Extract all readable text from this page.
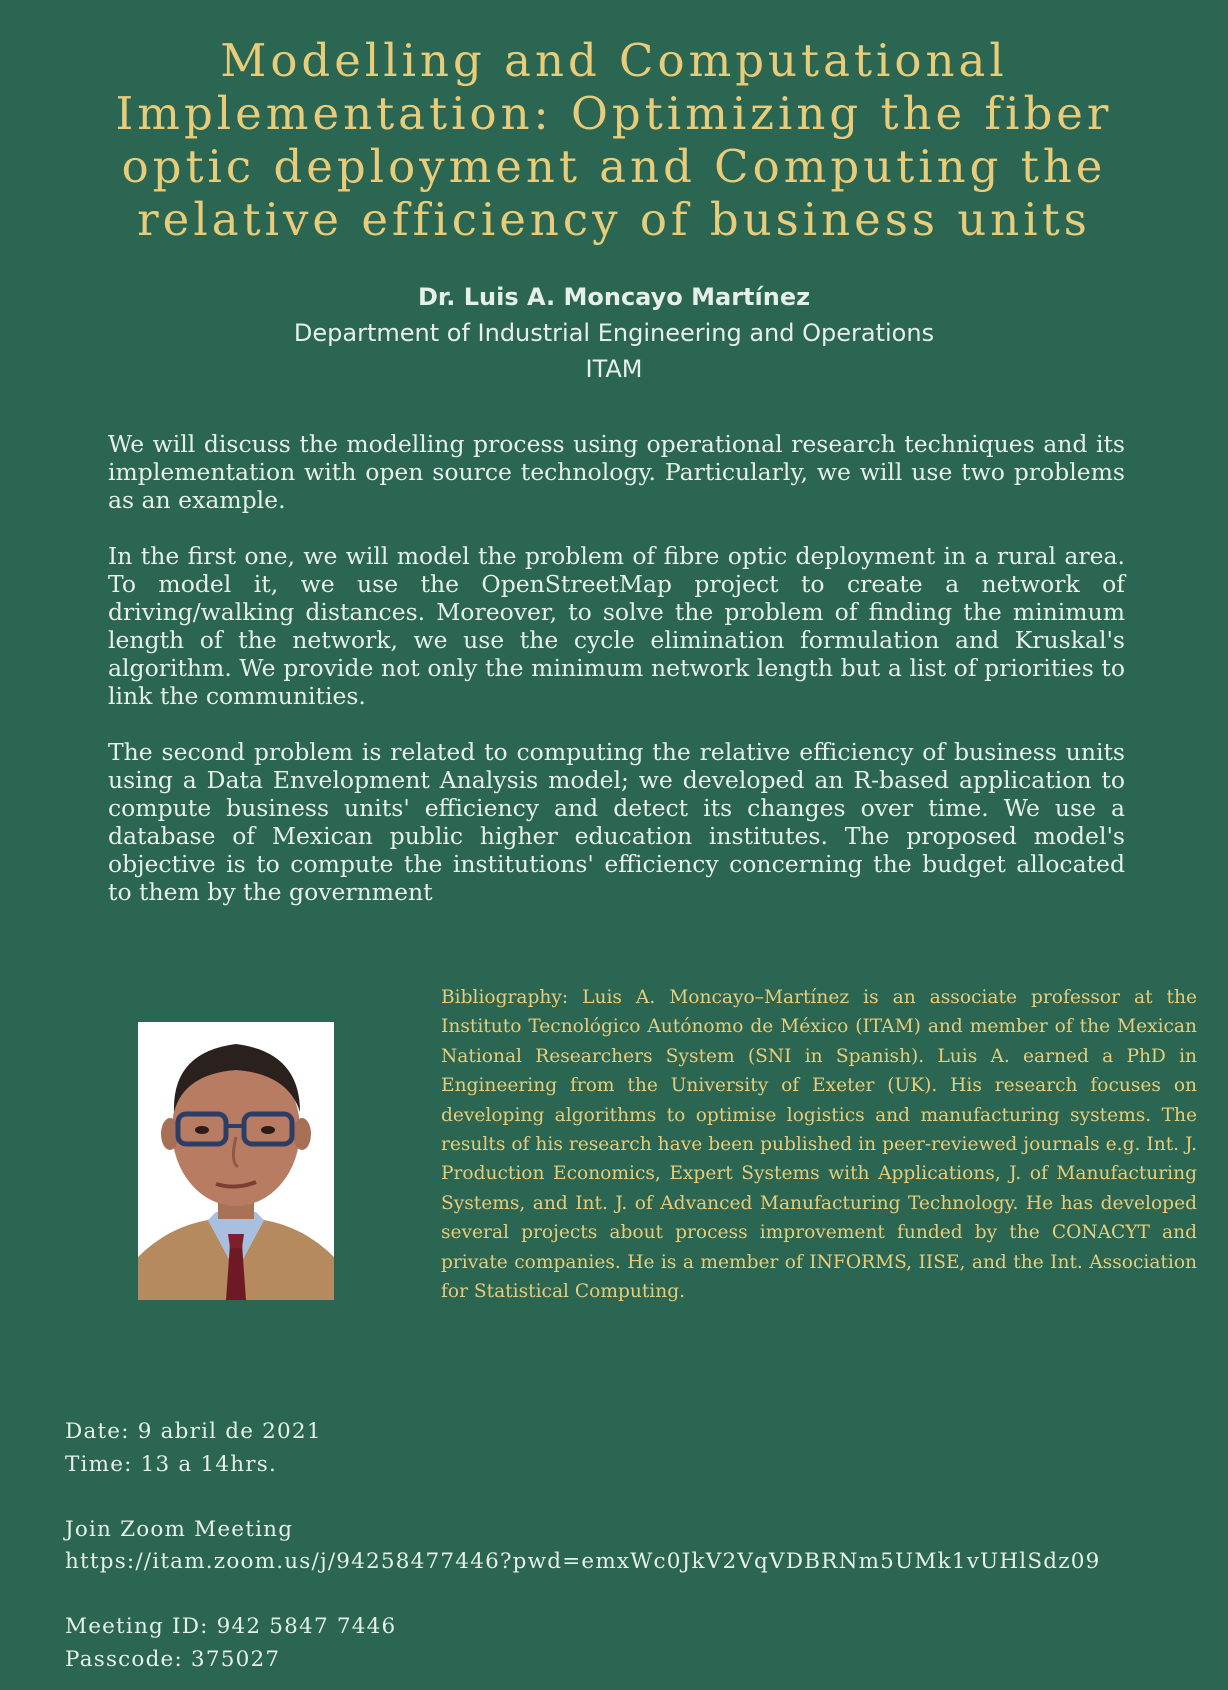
Modelling and Computational Implementation: Optimizing the fiber optic deployment and Computing the relative efficiency of business units
Dr. Luis A. Moncayo Martínez
Department of Industrial Engineering and Operations
ITAM

We will discuss the modelling process using operational research techniques and its implementation with open source technology. Particularly, we will use two problems as an example.

In the first one, we will model the problem of fibre optic deployment in a rural area. To model it, we use the OpenStreetMap project to create a network of driving/walking distances. Moreover, to solve the problem of finding the minimum length of the network, we use the cycle elimination formulation and Kruskal's algorithm. We provide not only the minimum network length but a list of priorities to link the communities.

The second problem is related to computing the relative efficiency of business units using a Data Envelopment Analysis model; we developed an R-based application to compute business units' efficiency and detect its changes over time. We use a database of Mexican public higher education institutes. The proposed model's objective is to compute the institutions' efficiency concerning the budget allocated to them by the government

Bibliography: Luis A. Moncayo–Martínez is an associate professor at the Instituto Tecnológico Autónomo de México (ITAM) and member of the Mexican National Researchers System (SNI in Spanish). Luis A. earned a PhD in Engineering from the University of Exeter (UK). His research focuses on developing algorithms to optimise logistics and manufacturing systems. The results of his research have been published in peer-reviewed journals e.g. Int. J. Production Economics, Expert Systems with Applications, J. of Manufacturing Systems, and Int. J. of Advanced Manufacturing Technology. He has developed several projects about process improvement funded by the CONACYT and private companies. He is a member of INFORMS, IISE, and the Int. Association for Statistical Computing.

Date: 9 abril de 2021
Time: 13 a 14hrs.
Join Zoom Meeting
https://itam.zoom.us/j/94258477446?pwd=emxWc0JkV2VqVDBRNm5UMk1vUHlSdz09
Meeting ID: 942 5847 7446
Passcode: 375027
